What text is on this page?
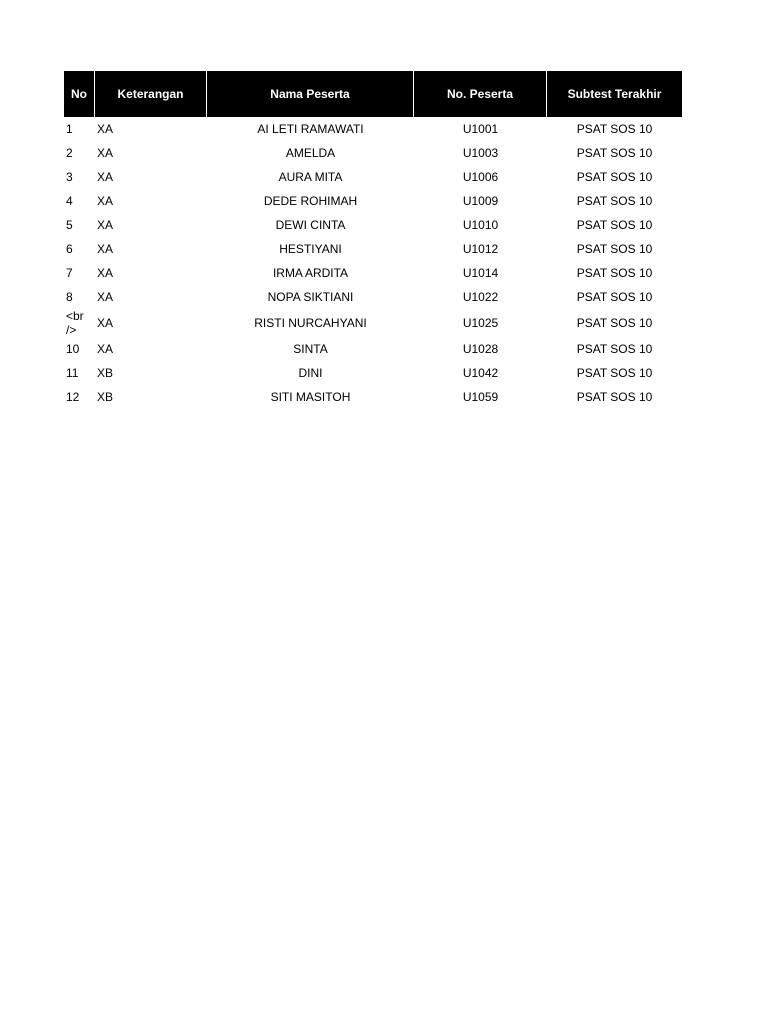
No	Keterangan	Nama Peserta	No. Peserta	Subtest Terakhir
1	XA	AI LETI RAMAWATI	U1001	PSAT SOS 10
2	XA	AMELDA	U1003	PSAT SOS 10
3	XA	AURA MITA	U1006	PSAT SOS 10
4	XA	DEDE ROHIMAH	U1009	PSAT SOS 10
5	XA	DEWI CINTA	U1010	PSAT SOS 10
6	XA	HESTIYANI	U1012	PSAT SOS 10
7	XA	IRMA ARDITA	U1014	PSAT SOS 10
8	XA	NOPA SIKTIANI	U1022	PSAT SOS 10
<br />	XA	RISTI NURCAHYANI	U1025	PSAT SOS 10
10	XA	SINTA	U1028	PSAT SOS 10
11	XB	DINI	U1042	PSAT SOS 10
12	XB	SITI MASITOH	U1059	PSAT SOS 10
